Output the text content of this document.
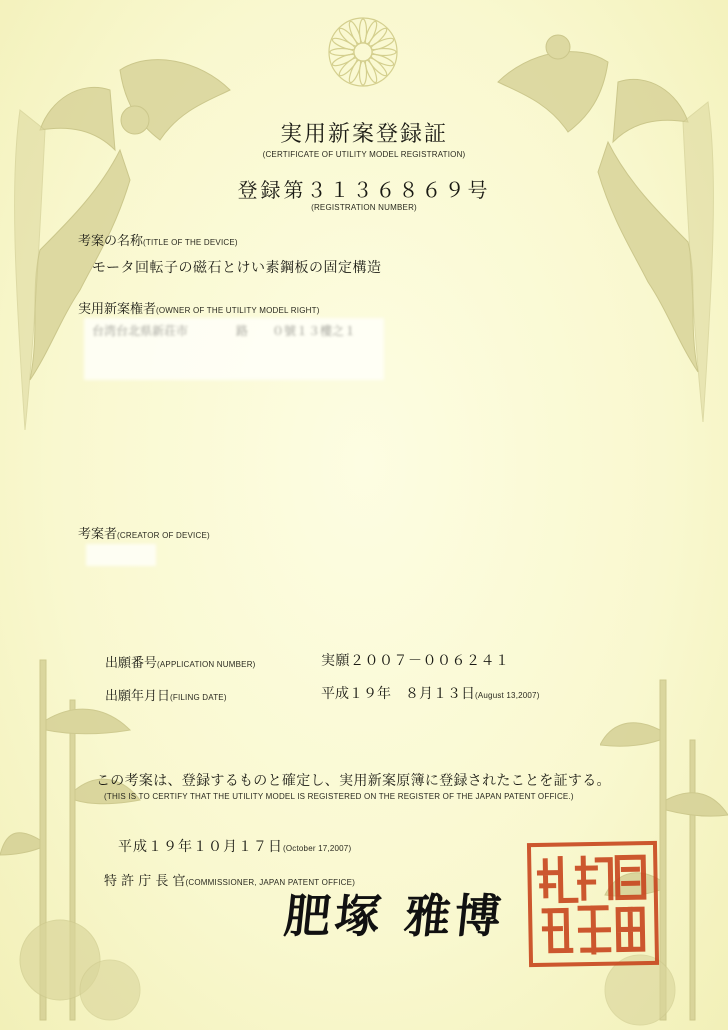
実用新案登録証
(CERTIFICATE OF UTILITY MODEL REGISTRATION)
登録第３１３６８６９号
(REGISTRATION NUMBER)
考案の名称(TITLE OF THE DEVICE)
モータ回転子の磁石とけい素鋼板の固定構造
実用新案権者(OWNER OF THE UTILITY MODEL RIGHT)
台湾台北県新荘市　　　　路　　０號１３樓之１

考案者(CREATOR OF DEVICE)

出願番号(APPLICATION NUMBER)	実願２００７－００６２４１
出願年月日(FILING DATE)	平成１９年　８月１３日(August 13,2007)
この考案は、登録するものと確定し、実用新案原簿に登録されたことを証する。
(THIS IS TO CERTIFY THAT THE UTILITY MODEL IS REGISTERED ON THE REGISTER OF THE JAPAN PATENT OFFICE.)
平成１９年１０月１７日(October 17,2007)
特 許 庁 長 官(COMMISSIONER, JAPAN PATENT OFFICE)
肥塚 雅博
